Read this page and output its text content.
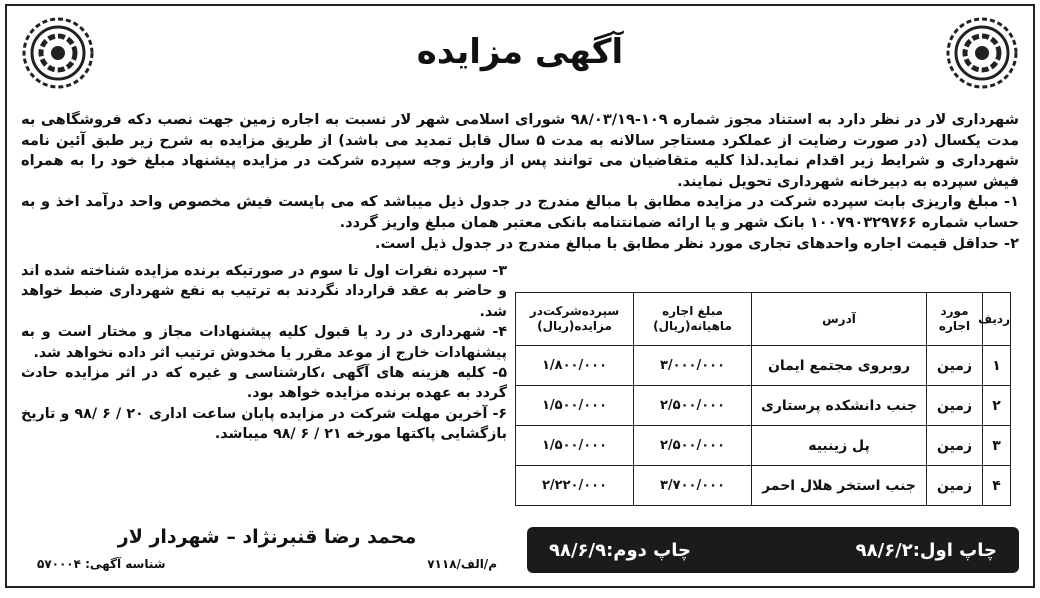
آگهی مزایده

شهرداری لار در نظر دارد به استناد مجوز شماره ۱۰۹-۹۸/۰۳/۱۹ شورای اسلامی شهر لار نسبت به اجاره زمین جهت نصب دکه فروشگاهی به مدت یکسال (در صورت رضایت از عملکرد مستاجر سالانه به مدت ۵ سال قابل تمدید می باشد) از طریق مزایده به شرح زیر طبق آئین نامه شهرداری و شرایط زیر اقدام نماید.لذا کلیه متقاضیان می توانند پس از واریز وجه سپرده شرکت در مزایده پیشنهاد مبلغ خود را به همراه فیش سپرده به دبیرخانه شهرداری تحویل نمایند.

۱- مبلغ واریزی بابت سپرده شرکت در مزایده مطابق با مبالغ مندرج در جدول ذیل میباشد که می بایست فیش مخصوص واحد درآمد اخذ و به حساب شماره ۱۰۰۷۹۰۳۲۹۷۶۶ بانک شهر و یا ارائه ضمانتنامه بانکی معتبر همان مبلغ واریز گردد.

۲- حداقل قیمت اجاره واحدهای تجاری مورد نظر مطابق با مبالغ مندرج در جدول ذیل است.

ردیف	مورد اجاره	آدرس	مبلغ اجاره ماهیانه(ریال)	سپرده‌شرکت‌در مزایده(ریال)
۱	زمین	روبروی مجتمع ایمان	۳/۰۰۰/۰۰۰	۱/۸۰۰/۰۰۰
۲	زمین	جنب دانشکده پرستاری	۲/۵۰۰/۰۰۰	۱/۵۰۰/۰۰۰
۳	زمین	پل زینبیه	۲/۵۰۰/۰۰۰	۱/۵۰۰/۰۰۰
۴	زمین	جنب استخر هلال احمر	۳/۷۰۰/۰۰۰	۲/۲۲۰/۰۰۰

۳- سپرده نفرات اول تا سوم در صورتیکه برنده مزایده شناخته شده اند و حاضر به عقد قرارداد نگردند به ترتیب به نفع شهرداری ضبط خواهد شد.

۴- شهرداری در رد یا قبول کلیه پیشنهادات مجاز و مختار است و به پیشنهادات خارج از موعد مقرر یا مخدوش ترتیب اثر داده نخواهد شد.

۵- کلیه هزینه های آگهی ،کارشناسی و غیره که در اثر مزایده حادث گردد به عهده برنده مزایده خواهد بود.

۶- آخرین مهلت شرکت در مزایده پایان ساعت اداری ۲۰ / ۶ /۹۸ و تاریخ بازگشایی پاکتها مورخه ۲۱ / ۶ /۹۸ میباشد.

محمد رضا قنبرنژاد – شهردار لار
م/الف/۷۱۱۸
شناسه آگهی: ۵۷۰۰۰۴
چاپ اول:۹۸/۶/۲
چاپ دوم:۹۸/۶/۹
